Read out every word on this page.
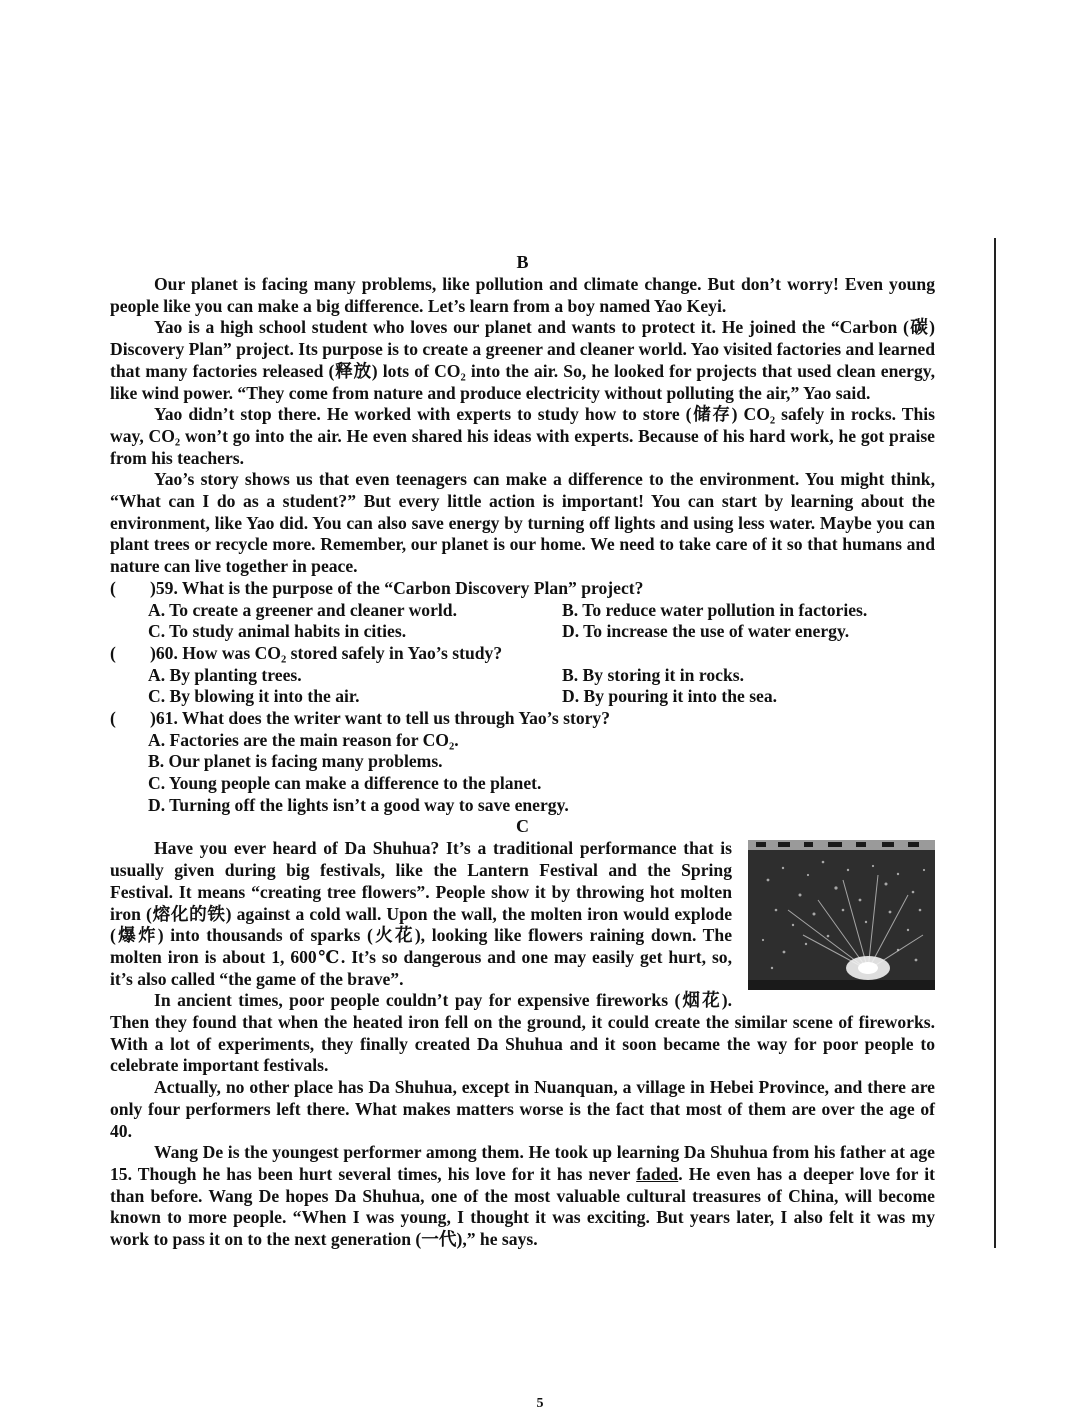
B

Our planet is facing many problems, like pollution and climate change. But don’t worry! Even young people like you can make a big difference. Let’s learn from a boy named Yao Keyi.

Yao is a high school student who loves our planet and wants to protect it. He joined the “Carbon (碳) Discovery Plan” project. Its purpose is to create a greener and cleaner world. Yao visited factories and learned that many factories released (释放) lots of CO₂ into the air. So, he looked for projects that used clean energy, like wind power. “They come from nature and produce electricity without polluting the air,” Yao said.

Yao didn’t stop there. He worked with experts to study how to store (储存) CO₂ safely in rocks. This way, CO₂ won’t go into the air. He even shared his ideas with experts. Because of his hard work, he got praise from his teachers.

Yao’s story shows us that even teenagers can make a difference to the environment. You might think, “What can I do as a student?” But every little action is important! You can start by learning about the environment, like Yao did. You can also save energy by turning off lights and using less water. Maybe you can plant trees or recycle more. Remember, our planet is our home. We need to take care of it so that humans and nature can live together in peace.

(	)59. What is the purpose of the “Carbon Discovery Plan” project?
A. To create a greener and cleaner world.	B. To reduce water pollution in factories.
C. To study animal habits in cities.	D. To increase the use of water energy.
(	)60. How was CO₂ stored safely in Yao’s study?
A. By planting trees.	B. By storing it in rocks.
C. By blowing it into the air.	D. By pouring it into the sea.
(	)61. What does the writer want to tell us through Yao’s story?
A. Factories are the main reason for CO₂.
B. Our planet is facing many problems.
C. Young people can make a difference to the planet.
D. Turning off the lights isn’t a good way to save energy.
C

Have you ever heard of Da Shuhua? It’s a traditional performance that is usually given during big festivals, like the Lantern Festival and the Spring Festival. It means “creating tree flowers”. People show it by throwing hot molten iron (熔化的铁) against a cold wall. Upon the wall, the molten iron would explode (爆炸) into thousands of sparks (火花), looking like flowers raining down. The molten iron is about 1, 600℃. It’s so dangerous and one may easily get hurt, so, it’s also called “the game of the brave”.

In ancient times, poor people couldn’t pay for expensive fireworks (烟花). Then they found that when the heated iron fell on the ground, it could create the similar scene of fireworks. With a lot of experiments, they finally created Da Shuhua and it soon became the way for poor people to celebrate important festivals.

Actually, no other place has Da Shuhua, except in Nuanquan, a village in Hebei Province, and there are only four performers left there. What makes matters worse is the fact that most of them are over the age of 40.

Wang De is the youngest performer among them. He took up learning Da Shuhua from his father at age 15. Though he has been hurt several times, his love for it has never faded. He even has a deeper love for it than before. Wang De hopes Da Shuhua, one of the most valuable cultural treasures of China, will become known to more people. “When I was young, I thought it was exciting. But years later, I also felt it was my work to pass it on to the next generation (一代),” he says.

5
